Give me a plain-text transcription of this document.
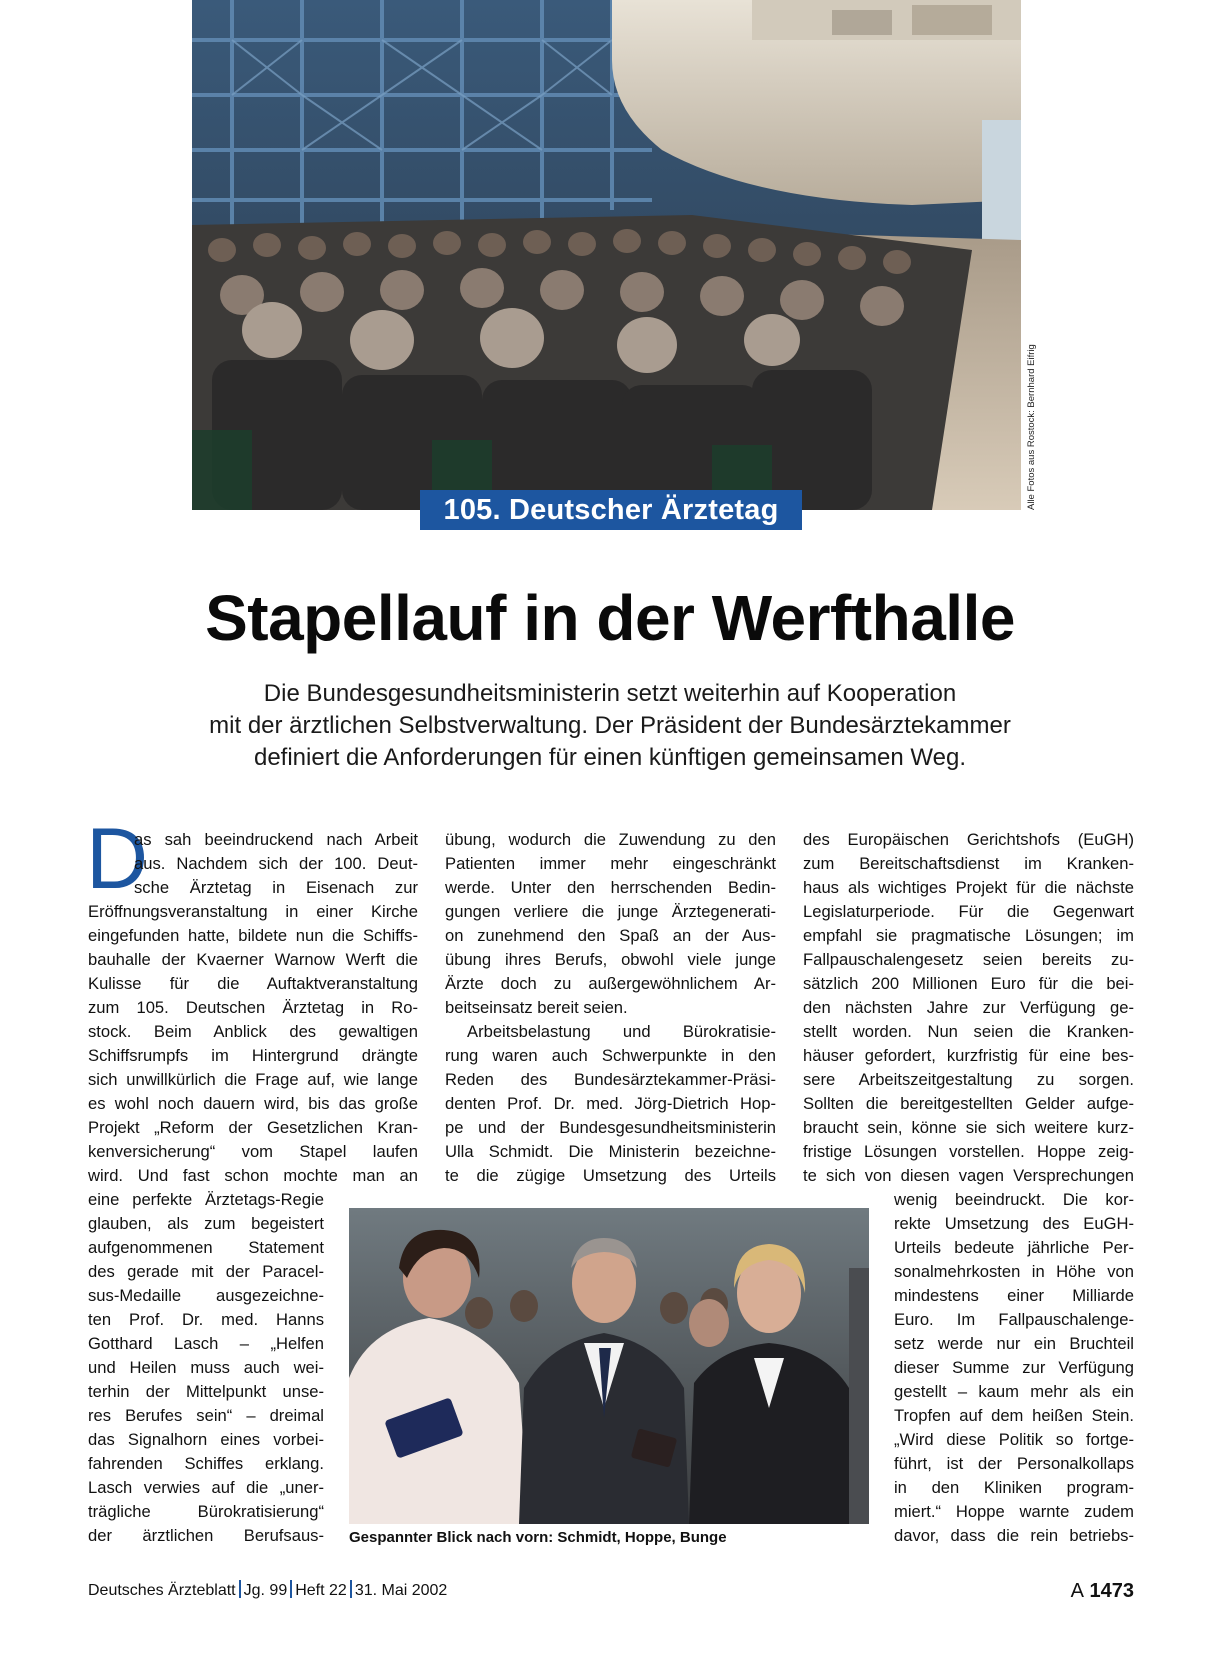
Alle Fotos aus Rostock: Bernhard Eifrig
105. Deutscher Ärztetag
Stapellauf in der Werfthalle
Die Bundesgesundheitsministerin setzt weiterhin auf Kooperation
mit der ärztlichen Selbstverwaltung. Der Präsident der Bundesärztekammer
definiert die Anforderungen für einen künftigen gemeinsamen Weg.
D
as sah beeindruckend nach Arbeit
aus. Nachdem sich der 100. Deut-
sche Ärztetag in Eisenach zur
Eröffnungsveranstaltung in einer Kirche
eingefunden hatte, bildete nun die Schiffs-
bauhalle der Kvaerner Warnow Werft die
Kulisse für die Auftaktveranstaltung
zum 105. Deutschen Ärztetag in Ro-
stock. Beim Anblick des gewaltigen
Schiffsrumpfs im Hintergrund drängte
sich unwillkürlich die Frage auf, wie lange
es wohl noch dauern wird, bis das große
Projekt „Reform der Gesetzlichen Kran-
kenversicherung“ vom Stapel laufen
wird. Und fast schon mochte man an
eine perfekte Ärztetags-Regie
glauben, als zum begeistert
aufgenommenen Statement
des gerade mit der Paracel-
sus-Medaille ausgezeichne-
ten Prof. Dr. med. Hanns
Gotthard Lasch – „Helfen
und Heilen muss auch wei-
terhin der Mittelpunkt unse-
res Berufes sein“ – dreimal
das Signalhorn eines vorbei-
fahrenden Schiffes erklang.
Lasch verwies auf die „uner-
trägliche Bürokratisierung“
der ärztlichen Berufsaus-
übung, wodurch die Zuwendung zu den
Patienten immer mehr eingeschränkt
werde. Unter den herrschenden Bedin-
gungen verliere die junge Ärztegenerati-
on zunehmend den Spaß an der Aus-
übung ihres Berufs, obwohl viele junge
Ärzte doch zu außergewöhnlichem Ar-
beitseinsatz bereit seien.
Arbeitsbelastung und Bürokratisie-
rung waren auch Schwerpunkte in den
Reden des Bundesärztekammer-Präsi-
denten Prof. Dr. med. Jörg-Dietrich Hop-
pe und der Bundesgesundheitsministerin
Ulla Schmidt. Die Ministerin bezeichne-
te die zügige Umsetzung des Urteils
des Europäischen Gerichtshofs (EuGH)
zum Bereitschaftsdienst im Kranken-
haus als wichtiges Projekt für die nächste
Legislaturperiode. Für die Gegenwart
empfahl sie pragmatische Lösungen; im
Fallpauschalengesetz seien bereits zu-
sätzlich 200 Millionen Euro für die bei-
den nächsten Jahre zur Verfügung ge-
stellt worden. Nun seien die Kranken-
häuser gefordert, kurzfristig für eine bes-
sere Arbeitszeitgestaltung zu sorgen.
Sollten die bereitgestellten Gelder aufge-
braucht sein, könne sie sich weitere kurz-
fristige Lösungen vorstellen. Hoppe zeig-
te sich von diesen vagen Versprechungen
wenig beeindruckt. Die kor-
rekte Umsetzung des EuGH-
Urteils bedeute jährliche Per-
sonalmehrkosten in Höhe von
mindestens einer Milliarde
Euro. Im Fallpauschalenge-
setz werde nur ein Bruchteil
dieser Summe zur Verfügung
gestellt – kaum mehr als ein
Tropfen auf dem heißen Stein.
„Wird diese Politik so fortge-
führt, ist der Personalkollaps
in den Kliniken program-
miert.“ Hoppe warnte zudem
davor, dass die rein betriebs-
Gespannter Blick nach vorn: Schmidt, Hoppe, Bunge
Deutsches Ärzteblatt Jg. 99 Heft 22 31. Mai 2002	A 1473
